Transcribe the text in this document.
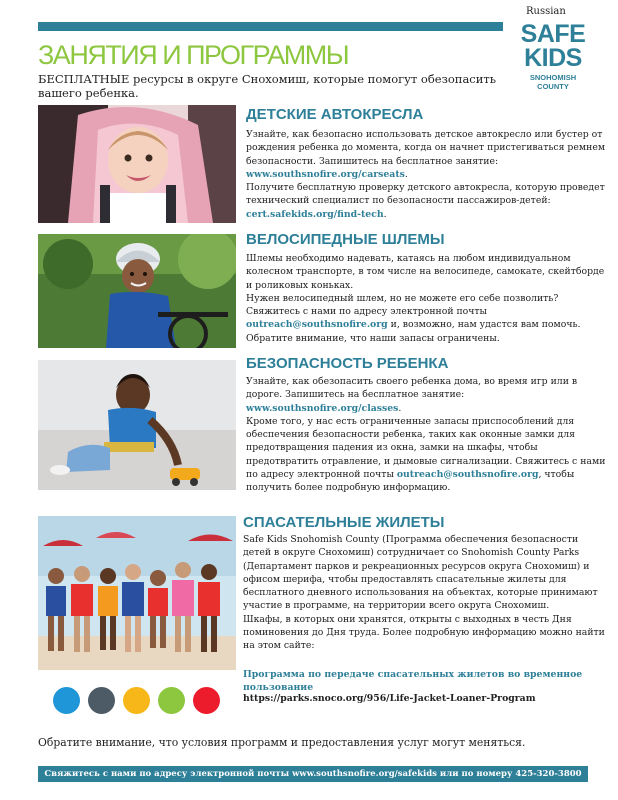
Russian
SAFE
KIDS
SNOHOMISH
COUNTY
ЗАНЯТИЯ И ПРОГРАММЫ
БЕСПЛАТНЫЕ ресурсы в округе Снохомиш, которые помогут обезопасить вашего ребенка.
ДЕТСКИЕ АВТОКРЕСЛА
Узнайте, как безопасно использовать детское автокресло или бустер от рождения ребенка до момента, когда он начнет пристегиваться ремнем безопасности. Запишитесь на бесплатное занятие: www.southsnofire.org/carseats.
Получите бесплатную проверку детского автокресла, которую проведет технический специалист по безопасности пассажиров-детей: cert.safekids.org/find-tech.
ВЕЛОСИПЕДНЫЕ ШЛЕМЫ
Шлемы необходимо надевать, катаясь на любом индивидуальном колесном транспорте, в том числе на велосипеде, самокате, скейтборде и роликовых коньках.
Нужен велосипедный шлем, но не можете его себе позволить? Свяжитесь с нами по адресу электронной почты outreach@southsnofire.org и, возможно, нам удастся вам помочь. Обратите внимание, что наши запасы ограничены.
БЕЗОПАСНОСТЬ РЕБЕНКА
Узнайте, как обезопасить своего ребенка дома, во время игр или в дороге. Запишитесь на бесплатное занятие: www.southsnofire.org/classes.
Кроме того, у нас есть ограниченные запасы приспособлений для обеспечения безопасности ребенка, таких как оконные замки для предотвращения падения из окна, замки на шкафы, чтобы предотвратить отравление, и дымовые сигнализации. Свяжитесь с нами по адресу электронной почты outreach@southsnofire.org, чтобы получить более подробную информацию.
СПАСАТЕЛЬНЫЕ ЖИЛЕТЫ
Safe Kids Snohomish County (Программа обеспечения безопасности детей в округе Снохомиш) сотрудничает со Snohomish County Parks (Департамент парков и рекреационных ресурсов округа Снохомиш) и офисом шерифа, чтобы предоставлять спасательные жилеты для бесплатного дневного использования на объектах, которые принимают участие в программе, на территории всего округа Снохомиш.
Шкафы, в которых они хранятся, открыты с выходных в честь Дня поминовения до Дня труда. Более подробную информацию можно найти на этом сайте:
Программа по передаче спасательных жилетов во временное пользование
https://parks.snoco.org/956/Life-Jacket-Loaner-Program
Обратите внимание, что условия программ и предоставления услуг могут меняться.
Свяжитесь с нами по адресу электронной почты www.southsnofire.org/safekids или по номеру 425-320-3800
